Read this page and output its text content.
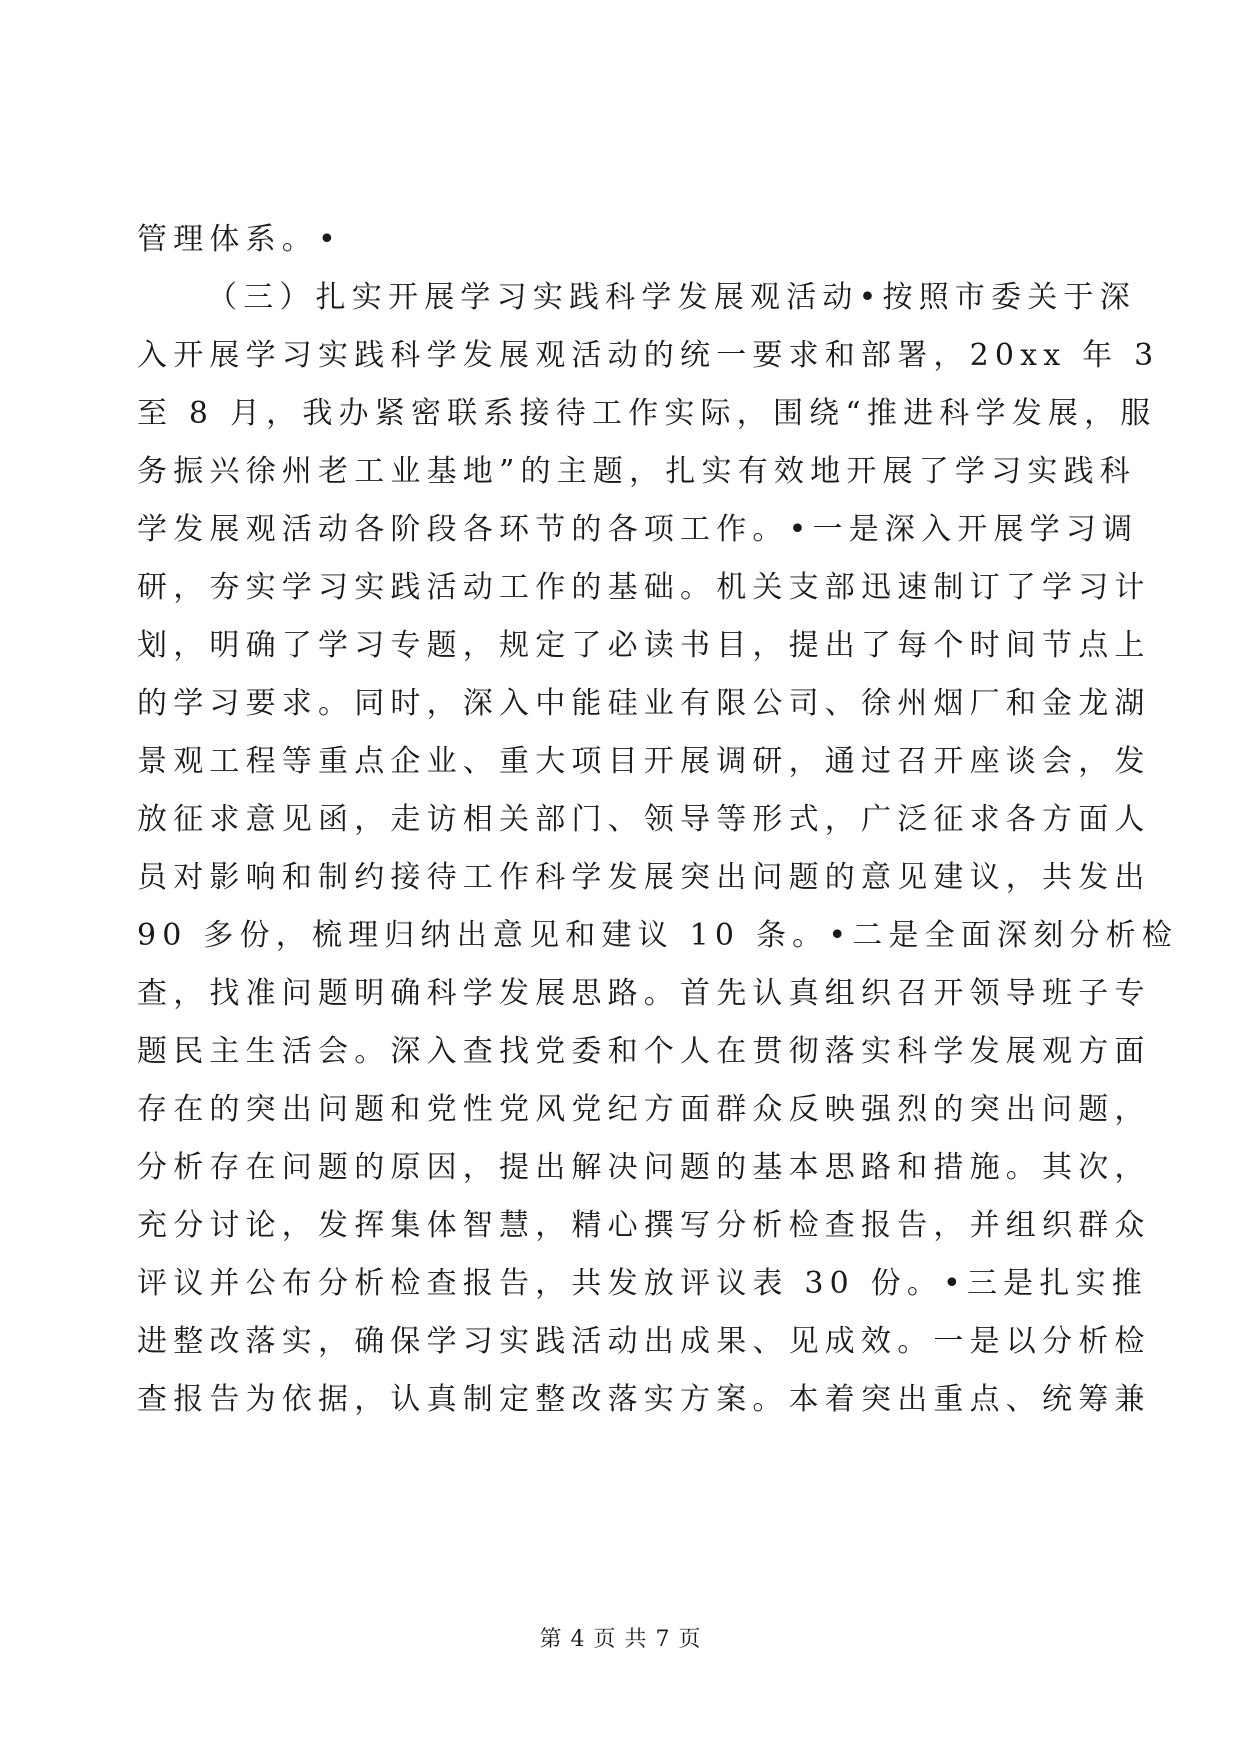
管理体系。•
（三）扎实开展学习实践科学发展观活动•按照市委关于深
入开展学习实践科学发展观活动的统一要求和部署，20xx 年 3
至 8 月，我办紧密联系接待工作实际，围绕“推进科学发展，服
务振兴徐州老工业基地”的主题，扎实有效地开展了学习实践科
学发展观活动各阶段各环节的各项工作。•一是深入开展学习调
研，夯实学习实践活动工作的基础。机关支部迅速制订了学习计
划，明确了学习专题，规定了必读书目，提出了每个时间节点上
的学习要求。同时，深入中能硅业有限公司、徐州烟厂和金龙湖
景观工程等重点企业、重大项目开展调研，通过召开座谈会，发
放征求意见函，走访相关部门、领导等形式，广泛征求各方面人
员对影响和制约接待工作科学发展突出问题的意见建议，共发出
90 多份，梳理归纳出意见和建议 10 条。•二是全面深刻分析检
查，找准问题明确科学发展思路。首先认真组织召开领导班子专
题民主生活会。深入查找党委和个人在贯彻落实科学发展观方面
存在的突出问题和党性党风党纪方面群众反映强烈的突出问题，
分析存在问题的原因，提出解决问题的基本思路和措施。其次，
充分讨论，发挥集体智慧，精心撰写分析检查报告，并组织群众
评议并公布分析检查报告，共发放评议表 30 份。•三是扎实推
进整改落实，确保学习实践活动出成果、见成效。一是以分析检
查报告为依据，认真制定整改落实方案。本着突出重点、统筹兼
第 4 页 共 7 页
